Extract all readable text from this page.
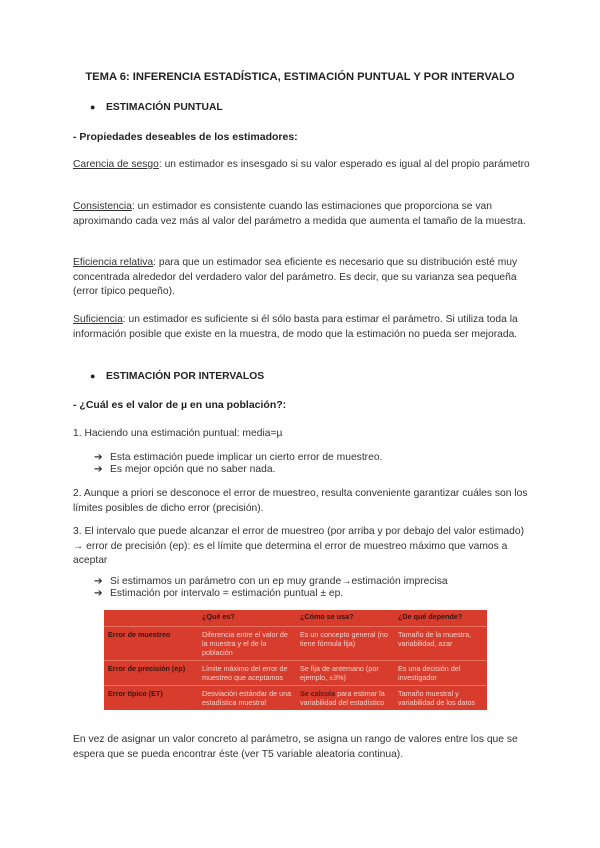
TEMA 6: INFERENCIA ESTADÍSTICA, ESTIMACIÓN PUNTUAL Y POR INTERVALO

● ESTIMACIÓN PUNTUAL
- Propiedades deseables de los estimadores:

Carencia de sesgo: un estimador es insesgado si su valor esperado es igual al del propio parámetro

Consistencia: un estimador es consistente cuando las estimaciones que proporciona se van aproximando cada vez más al valor del parámetro a medida que aumenta el tamaño de la muestra.

Eficiencia relativa: para que un estimador sea eficiente es necesario que su distribución esté muy concentrada alrededor del verdadero valor del parámetro. Es decir, que su varianza sea pequeña (error típico pequeño).

Suficiencia: un estimador es suficiente si él sólo basta para estimar el parámetro. Si utiliza toda la información posible que existe en la muestra, de modo que la estimación no pueda ser mejorada.

● ESTIMACIÓN POR INTERVALOS
- ¿Cuál es el valor de µ en una población?:

1. Haciendo una estimación puntual: media=µ

➔ Esta estimación puede implicar un cierto error de muestreo.
➔ Es mejor opción que no saber nada.

2. Aunque a priori se desconoce el error de muestreo, resulta conveniente garantizar cuáles son los límites posibles de dicho error (precisión).

3. El intervalo que puede alcanzar el error de muestreo (por arriba y por debajo del valor estimado) → error de precisión (ep): es el límite que determina el error de muestreo máximo que vamos a aceptar

➔ Si estimamos un parámetro con un ep muy grande→estimación imprecisa
➔ Estimación por intervalo = estimación puntual ± ep.
	¿Qué es?	¿Cómo se usa?	¿De qué depende?
Error de muestreo	Diferencia entre el valor de la muestra y el de la población	Es un concepto general (no tiene fórmula fija)	Tamaño de la muestra, variabilidad, azar
Error de precisión (ep)	Límite máximo del error de muestreo que aceptamos	Se fija de antemano (por ejemplo, ±3%)	Es una decisión del investigador
Error típico (ET)	Desviación estándar de una estadística muestral	Se calcula para estimar la variabilidad del estadístico	Tamaño muestral y variabilidad de los datos

En vez de asignar un valor concreto al parámetro, se asigna un rango de valores entre los que se espera que se pueda encontrar éste (ver T5 variable aleatoria continua).
